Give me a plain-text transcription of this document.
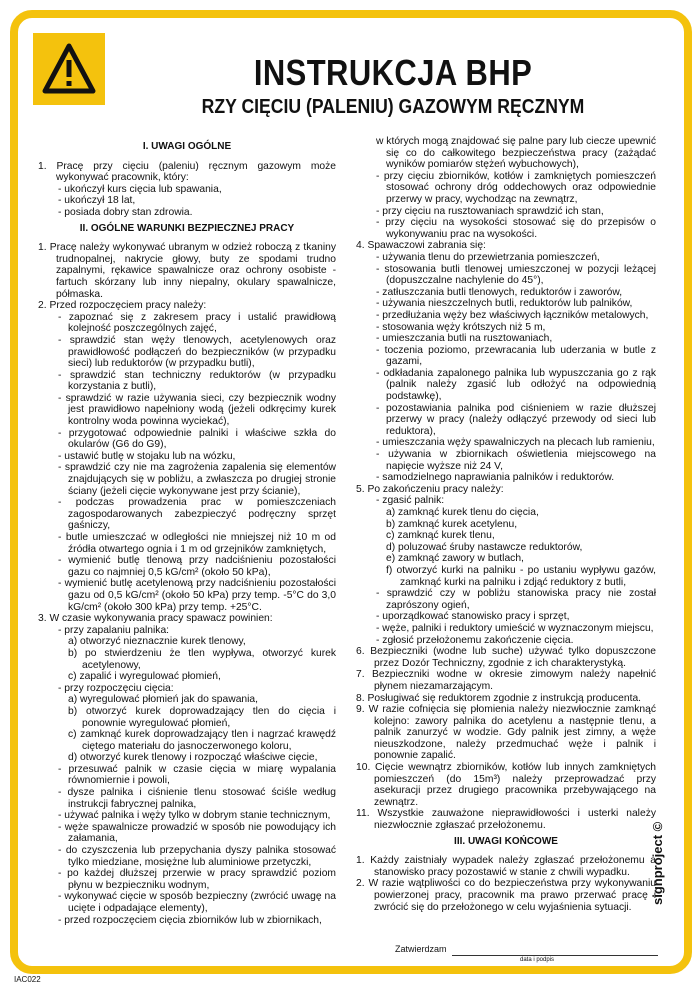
INSTRUKCJA BHP
RZY CIĘCIU (PALENIU) GAZOWYM RĘCZNYM
I. UWAGI OGÓLNE
1. Pracę przy cięciu (paleniu) ręcznym gazowym może wykonywać pracownik, który:
- ukończył kurs cięcia lub spawania,
- ukończył 18 lat,
- posiada dobry stan zdrowia.
II. OGÓLNE WARUNKI BEZPIECZNEJ PRACY
1. Pracę należy wykonywać ubranym w odzież roboczą z tkaniny trudnopalnej, nakrycie głowy, buty ze spodami trudno zapalnymi, rękawice spawalnicze oraz ochrony osobiste - fartuch skórzany lub inny niepalny, okulary spawalnicze, półmaska.
2. Przed rozpoczęciem pracy należy:
- zapoznać się z zakresem pracy i ustalić prawidłową kolejność poszczególnych zajęć,
- sprawdzić stan węży tlenowych, acetylenowych oraz prawidłowość podłączeń do bezpieczników (w przypadku sieci) lub reduktorów (w przypadku butli),
- sprawdzić stan techniczny reduktorów (w przypadku korzystania z butli),
- sprawdzić w razie używania sieci, czy bezpiecznik wodny jest prawidłowo napełniony wodą (jeżeli odkręcimy kurek kontrolny woda powinna wyciekać),
- przygotować odpowiednie palniki i właściwe szkła do okularów (G6 do G9),
- ustawić butlę w stojaku lub na wózku,
- sprawdzić czy nie ma zagrożenia zapalenia się elementów znajdujących się w pobliżu, a zwłaszcza po drugiej stronie ściany (jeżeli cięcie wykonywane jest przy ścianie),
- podczas prowadzenia prac w pomieszczeniach zagospodarowanych zabezpieczyć podręczny sprzęt gaśniczy,
- butle umieszczać w odległości nie mniejszej niż 10 m od źródła otwartego ognia i 1 m od grzejników zamkniętych,
- wymienić butlę tlenową przy nadciśnieniu pozostałości gazu co najmniej 0,5 kG/cm² (około 50 kPa),
- wymienić butlę acetylenową przy nadciśnieniu pozostałości gazu od 0,5 kG/cm² (około 50 kPa) przy temp. -5°C do 3,0 kG/cm² (około 300 kPa) przy temp. +25°C.
3. W czasie wykonywania pracy spawacz powinien:
- przy zapalaniu palnika:
a) otworzyć nieznacznie kurek tlenowy,
b) po stwierdzeniu że tlen wypływa, otworzyć kurek acetylenowy,
c) zapalić i wyregulować płomień,
- przy rozpoczęciu cięcia:
a) wyregulować płomień jak do spawania,
b) otworzyć kurek doprowadzający tlen do cięcia i ponownie wyregulować płomień,
c) zamknąć kurek doprowadzający tlen i nagrzać krawędź ciętego materiału do jasnoczerwonego koloru,
d) otworzyć kurek tlenowy i rozpocząć właściwe cięcie,
- przesuwać palnik w czasie cięcia w miarę wypalania równomiernie i powoli,
- dysze palnika i ciśnienie tlenu stosować ściśle według instrukcji fabrycznej palnika,
- używać palnika i węży tylko w dobrym stanie technicznym,
- węże spawalnicze prowadzić w sposób nie powodujący ich załamania,
- do czyszczenia lub przepychania dyszy palnika stosować tylko miedziane, mosiężne lub aluminiowe przetyczki,
- po każdej dłuższej przerwie w pracy sprawdzić poziom płynu w bezpieczniku wodnym,
- wykonywać cięcie w sposób bezpieczny (zwrócić uwagę na ucięte i odpadające elementy),
- przed rozpoczęciem cięcia zbiorników lub w zbiornikach,
w których mogą znajdować się palne pary lub ciecze upewnić się co do całkowitego bezpieczeństwa pracy (zażądać wyników pomiarów stężeń wybuchowych),
- przy cięciu zbiorników, kotłów i zamkniętych pomieszczeń stosować ochrony dróg oddechowych oraz odpowiednie przerwy w pracy, wychodząc na zewnątrz,
- przy cięciu na rusztowaniach sprawdzić ich stan,
- przy cięciu na wysokości stosować się do przepisów o wykonywaniu prac na wysokości.
4. Spawaczowi zabrania się:
- używania tlenu do przewietrzania pomieszczeń,
- stosowania butli tlenowej umieszczonej w pozycji leżącej (dopuszczalne nachylenie do 45°),
- zatłuszczania butli tlenowych, reduktorów i zaworów,
- używania nieszczelnych butli, reduktorów lub palników,
- przedłużania węży bez właściwych łączników metalowych,
- stosowania węży krótszych niż 5 m,
- umieszczania butli na rusztowaniach,
- toczenia poziomo, przewracania lub uderzania w butle z gazami,
- odkładania zapalonego palnika lub wypuszczania go z rąk (palnik należy zgasić lub odłożyć na odpowiednią podstawkę),
- pozostawiania palnika pod ciśnieniem w razie dłuższej przerwy w pracy (należy odłączyć przewody od sieci lub reduktora),
- umieszczania węży spawalniczych na plecach lub ramieniu,
- używania w zbiornikach oświetlenia miejscowego na napięcie wyższe niż 24 V,
- samodzielnego naprawiania palników i reduktorów.
5. Po zakończeniu pracy należy:
- zgasić palnik:
a) zamknąć kurek tlenu do cięcia,
b) zamknąć kurek acetylenu,
c) zamknąć kurek tlenu,
d) poluzować śruby nastawcze reduktorów,
e) zamknąć zawory w butlach,
f) otworzyć kurki na palniku - po ustaniu wypływu gazów, zamknąć kurki na palniku i zdjąć reduktory z butli,
- sprawdzić czy w pobliżu stanowiska pracy nie został zaprószony ogień,
- uporządkować stanowisko pracy i sprzęt,
- węże, palniki i reduktory umieścić w wyznaczonym miejscu,
- zgłosić przełożonemu zakończenie cięcia.
6. Bezpieczniki (wodne lub suche) używać tylko dopuszczone przez Dozór Techniczny, zgodnie z ich charakterystyką.
7. Bezpieczniki wodne w okresie zimowym należy napełnić płynem niezamarzającym.
8. Posługiwać się reduktorem zgodnie z instrukcją producenta.
9. W razie cofnięcia się płomienia należy niezwłocznie zamknąć kolejno: zawory palnika do acetylenu a następnie tlenu, a palnik zanurzyć w wodzie. Gdy palnik jest zimny, a węże nieuszkodzone, należy przedmuchać węże i palnik i ponownie zapalić.
10. Cięcie wewnątrz zbiorników, kotłów lub innych zamkniętych pomieszczeń (do 15m³) należy przeprowadzać przy asekuracji przez drugiego pracownika przebywającego na zewnątrz.
11. Wszystkie zauważone nieprawidłowości i usterki należy niezwłocznie zgłaszać przełożonemu.
III. UWAGI KOŃCOWE
1. Każdy zaistniały wypadek należy zgłaszać przełożonemu a stanowisko pracy pozostawić w stanie z chwili wypadku.
2. W razie wątpliwości co do bezpieczeństwa przy wykonywaniu powierzonej pracy, pracownik ma prawo przerwać pracę i zwrócić się do przełożonego w celu wyjaśnienia sytuacji.
Zatwierdzam
data i podpis
signproject ©
IAC022
